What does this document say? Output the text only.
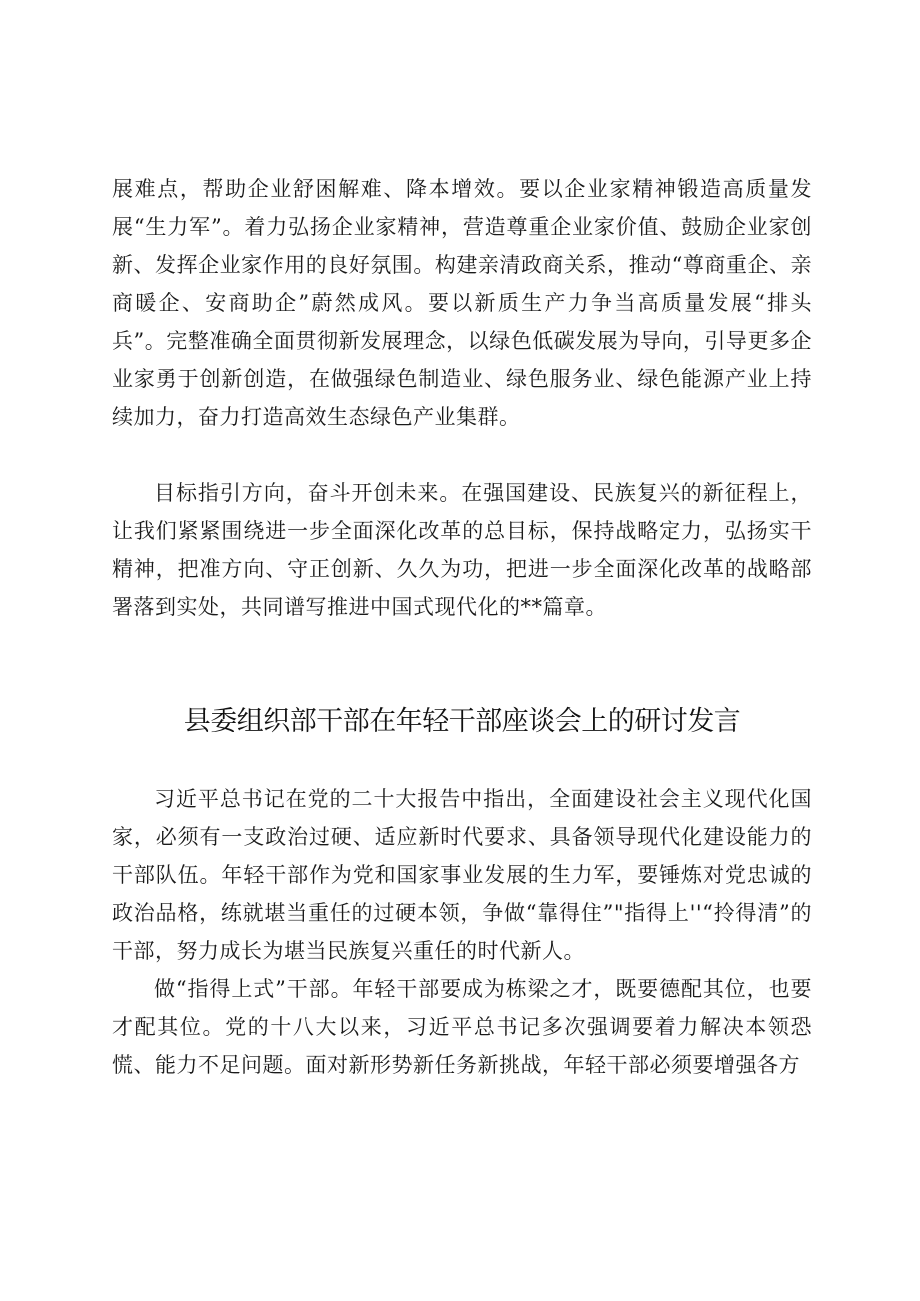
展难点，帮助企业舒困解难、降本增效。要以企业家精神锻造高质量发展“生力军”。着力弘扬企业家精神，营造尊重企业家价值、鼓励企业家创新、发挥企业家作用的良好氛围。构建亲清政商关系，推动“尊商重企、亲商暖企、安商助企”蔚然成风。要以新质生产力争当高质量发展“排头兵”。完整准确全面贯彻新发展理念，以绿色低碳发展为导向，引导更多企业家勇于创新创造，在做强绿色制造业、绿色服务业、绿色能源产业上持续加力，奋力打造高效生态绿色产业集群。

目标指引方向，奋斗开创未来。在强国建设、民族复兴的新征程上，让我们紧紧围绕进一步全面深化改革的总目标，保持战略定力，弘扬实干精神，把准方向、守正创新、久久为功，把进一步全面深化改革的战略部署落到实处，共同谱写推进中国式现代化的**篇章。

县委组织部干部在年轻干部座谈会上的研讨发言

习近平总书记在党的二十大报告中指出，全面建设社会主义现代化国家，必须有一支政治过硬、适应新时代要求、具备领导现代化建设能力的干部队伍。年轻干部作为党和国家事业发展的生力军，要锤炼对党忠诚的政治品格，练就堪当重任的过硬本领，争做“靠得住”"指得上''“拎得清”的干部，努力成长为堪当民族复兴重任的时代新人。

做“指得上式”干部。年轻干部要成为栋梁之才，既要德配其位，也要才配其位。党的十八大以来，习近平总书记多次强调要着力解决本领恐慌、能力不足问题。面对新形势新任务新挑战，年轻干部必须要增强各方
